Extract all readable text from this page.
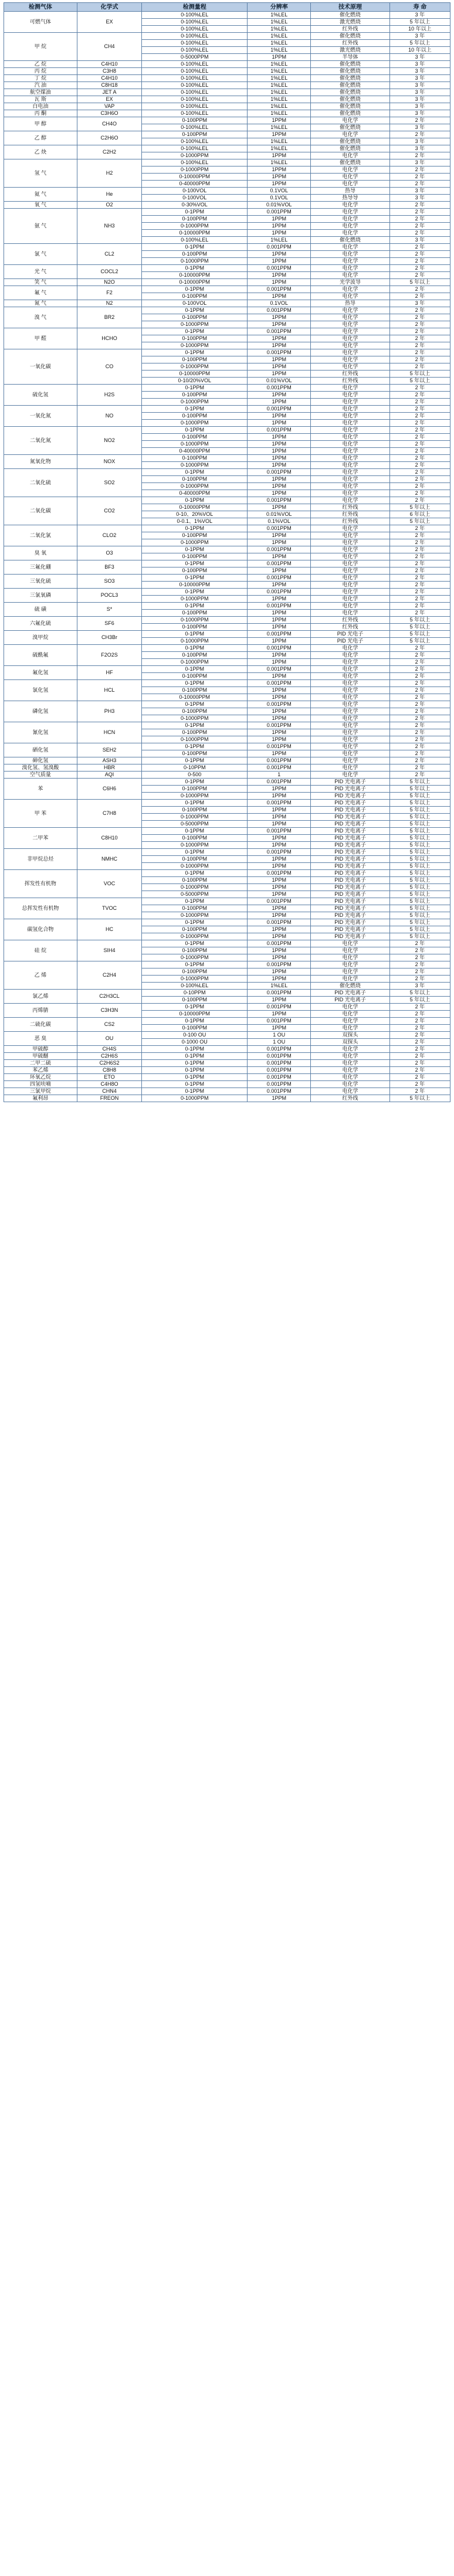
检测气体	化学式	检测量程	分辨率	技术原理	寿 命
可燃气体	EX	0-100%LEL	1%LEL	催化燃烧	3 年
		0-100%LEL	1%LEL	激光燃烧	5 年以上
		0-100%LEL	1%LEL	红外线	10 年以上
甲 烷	CH4	0-100%LEL	1%LEL	催化燃烧	3 年
		0-100%LEL	1%LEL	红外线	5 年以上
		0-100%LEL	1%LEL	激光燃烧	10 年以上
		0-5000PPM	1PPM	半导体	3 年
乙 烷	C4H10	0-100%LEL	1%LEL	催化燃烧	3 年
丙 烷	C3H8	0-100%LEL	1%LEL	催化燃烧	3 年
丁 烷	C4H10	0-100%LEL	1%LEL	催化燃烧	3 年
汽 油	C8H18	0-100%LEL	1%LEL	催化燃烧	3 年
航空煤油	JET A	0-100%LEL	1%LEL	催化燃烧	3 年
瓦 斯	EX	0-100%LEL	1%LEL	催化燃烧	3 年
白电油	VAP	0-100%LEL	1%LEL	催化燃烧	3 年
丙 酮	C3H6O	0-100%LEL	1%LEL	催化燃烧	3 年
甲 醇	CH4O	0-100PPM	1PPM	电化学	2 年
		0-100%LEL	1%LEL	催化燃烧	3 年
乙 醇	C2H6O	0-100PPM	1PPM	电化学	2 年
		0-100%LEL	1%LEL	催化燃烧	3 年
乙 炔	C2H2	0-100%LEL	1%LEL	催化燃烧	3 年
		0-1000PPM	1PPM	电化学	2 年
氢 气	H2	0-100%LEL	1%LEL	催化燃烧	3 年
		0-1000PPM	1PPM	电化学	2 年
		0-10000PPM	1PPM	电化学	2 年
		0-40000PPM	1PPM	电化学	2 年
氦 气	He	0-100VOL	0.1VOL	热导	3 年
		0-100VOL	0.1VOL	热导导	3 年
氧 气	O2	0-30%VOL	0.01%VOL	电化学	2 年
氨 气	NH3	0-1PPM	0.001PPM	电化学	2 年
		0-100PPM	1PPM	电化学	2 年
		0-1000PPM	1PPM	电化学	2 年
		0-10000PPM	1PPM	电化学	2 年
		0-100%LEL	1%LEL	催化燃烧	3 年
氯 气	CL2	0-1PPM	0.001PPM	电化学	2 年
		0-100PPM	1PPM	电化学	2 年
		0-1000PPM	1PPM	电化学	2 年
光 气	COCL2	0-1PPM	0.001PPM	电化学	2 年
		0-10000PPM	1PPM	电化学	2 年
笑 气	N2O	0-10000PPM	1PPM	光学波导	5 年以上
氟 气	F2	0-1PPM	0.001PPM	电化学	2 年
		0-100PPM	1PPM	电化学	2 年
氮 气	N2	0-100VOL	0.1VOL	热导	3 年
溴 气	BR2	0-1PPM	0.001PPM	电化学	2 年
		0-100PPM	1PPM	电化学	2 年
		0-1000PPM	1PPM	电化学	2 年
甲 醛	HCHO	0-1PPM	0.001PPM	电化学	2 年
		0-100PPM	1PPM	电化学	2 年
		0-1000PPM	1PPM	电化学	2 年
一氧化碳	CO	0-1PPM	0.001PPM	电化学	2 年
		0-100PPM	1PPM	电化学	2 年
		0-1000PPM	1PPM	电化学	2 年
		0-10000PPM	1PPM	红外线	5 年以上
		0-10/20%VOL	0.01%VOL	红外线	5 年以上
硫化氢	H2S	0-1PPM	0.001PPM	电化学	2 年
		0-100PPM	1PPM	电化学	2 年
		0-1000PPM	1PPM	电化学	2 年
一氧化氮	NO	0-1PPM	0.001PPM	电化学	2 年
		0-100PPM	1PPM	电化学	2 年
		0-1000PPM	1PPM	电化学	2 年
二氧化氮	NO2	0-1PPM	0.001PPM	电化学	2 年
		0-100PPM	1PPM	电化学	2 年
		0-1000PPM	1PPM	电化学	2 年
		0-40000PPM	1PPM	电化学	2 年
氮氧化物	NOX	0-100PPM	1PPM	电化学	2 年
		0-1000PPM	1PPM	电化学	2 年
二氧化硫	SO2	0-1PPM	0.001PPM	电化学	2 年
		0-100PPM	1PPM	电化学	2 年
		0-1000PPM	1PPM	电化学	2 年
		0-40000PPM	1PPM	电化学	2 年
二氧化碳	CO2	0-1PPM	0.001PPM	电化学	2 年
		0-10000PPM	1PPM	红外线	5 年以上
		0-10、20%VOL	0.01%VOL	红外线	6 年以上
		0-0.1、1%VOL	0.1%VOL	红外线	5 年以上
二氧化氯	CLO2	0-1PPM	0.001PPM	电化学	2 年
		0-100PPM	1PPM	电化学	2 年
		0-1000PPM	1PPM	电化学	2 年
臭 氧	O3	0-1PPM	0.001PPM	电化学	2 年
		0-100PPM	1PPM	电化学	2 年
三氟化硼	BF3	0-1PPM	0.001PPM	电化学	2 年
		0-100PPM	1PPM	电化学	2 年
三氧化硫	SO3	0-1PPM	0.001PPM	电化学	2 年
		0-10000PPM	1PPM	电化学	2 年
三氯氧磷	POCL3	0-1PPM	0.001PPM	电化学	2 年
		0-1000PPM	1PPM	电化学	2 年
硫 磺	S*	0-1PPM	0.001PPM	电化学	2 年
		0-100PPM	1PPM	电化学	2 年
六氟化硫	SF6	0-1000PPM	1PPM	红外线	5 年以上
		0-100PPM	1PPM	红外线	5 年以上
溴甲烷	CH3Br	0-1PPM	0.001PPM	PID 光电子	5 年以上
		0-1000PPM	1PPM	PID 光电子	5 年以上
硫酰氟	F2O2S	0-1PPM	0.001PPM	电化学	2 年
		0-100PPM	1PPM	电化学	2 年
		0-1000PPM	1PPM	电化学	2 年
氟化氢	HF	0-1PPM	0.001PPM	电化学	2 年
		0-100PPM	1PPM	电化学	2 年
氯化氢	HCL	0-1PPM	0.001PPM	电化学	2 年
		0-100PPM	1PPM	电化学	2 年
		0-10000PPM	1PPM	电化学	2 年
磷化氢	PH3	0-1PPM	0.001PPM	电化学	2 年
		0-100PPM	1PPM	电化学	2 年
		0-1000PPM	1PPM	电化学	2 年
氰化氢	HCN	0-1PPM	0.001PPM	电化学	2 年
		0-100PPM	1PPM	电化学	2 年
		0-1000PPM	1PPM	电化学	2 年
硒化氢	SEH2	0-1PPM	0.001PPM	电化学	2 年
		0-100PPM	1PPM	电化学	2 年
砷化氢	ASH3	0-1PPM	0.001PPM	电化学	2 年
溴化氢、氢溴酸	HBR	0-10PPM	0.001PPM	电化学	2 年
空气质量	AQI	0-500	1	电化学	2 年
苯	C6H6	0-1PPM	0.001PPM	PID 光电离子	5 年以上
		0-100PPM	1PPM	PID 光电离子	5 年以上
		0-1000PPM	1PPM	PID 光电离子	5 年以上
甲 苯	C7H8	0-1PPM	0.001PPM	PID 光电离子	5 年以上
		0-100PPM	1PPM	PID 光电离子	5 年以上
		0-1000PPM	1PPM	PID 光电离子	5 年以上
		0-5000PPM	1PPM	PID 光电离子	5 年以上
二甲苯	C8H10	0-1PPM	0.001PPM	PID 光电离子	5 年以上
		0-100PPM	1PPM	PID 光电离子	5 年以上
		0-1000PPM	1PPM	PID 光电离子	5 年以上
非甲烷总烃	NMHC	0-1PPM	0.001PPM	PID 光电离子	5 年以上
		0-100PPM	1PPM	PID 光电离子	5 年以上
		0-1000PPM	1PPM	PID 光电离子	5 年以上
挥发性有机物	VOC	0-1PPM	0.001PPM	PID 光电离子	5 年以上
		0-100PPM	1PPM	PID 光电离子	5 年以上
		0-1000PPM	1PPM	PID 光电离子	5 年以上
		0-5000PPM	1PPM	PID 光电离子	5 年以上
总挥发性有机物	TVOC	0-1PPM	0.001PPM	PID 光电离子	5 年以上
		0-100PPM	1PPM	PID 光电离子	5 年以上
		0-1000PPM	1PPM	PID 光电离子	5 年以上
碳氢化合物	HC	0-1PPM	0.001PPM	PID 光电离子	5 年以上
		0-100PPM	1PPM	PID 光电离子	5 年以上
		0-1000PPM	1PPM	PID 光电离子	5 年以上
硅 烷	SIH4	0-1PPM	0.001PPM	电化学	2 年
		0-100PPM	1PPM	电化学	2 年
		0-1000PPM	1PPM	电化学	2 年
乙 烯	C2H4	0-1PPM	0.001PPM	电化学	2 年
		0-100PPM	1PPM	电化学	2 年
		0-1000PPM	1PPM	电化学	2 年
		0-100%LEL	1%LEL	催化燃烧	3 年
氯乙烯	C2H3CL	0-10PPM	0.001PPM	PID 光电离子	5 年以上
		0-100PPM	1PPM	PID 光电离子	5 年以上
丙烯腈	C3H3N	0-1PPM	0.001PPM	电化学	2 年
		0-10000PPM	1PPM	电化学	2 年
二硫化碳	CS2	0-1PPM	0.001PPM	电化学	2 年
		0-100PPM	1PPM	电化学	2 年
恶 臭	OU	0-100 OU	1 OU	双探头	2 年
		0-1000 OU	1 OU	双探头	2 年
甲硫醇	CH4S	0-1PPM	0.001PPM	电化学	2 年
甲硫醚	C2H6S	0-1PPM	0.001PPM	电化学	2 年
二甲二硫	C2H6S2	0-1PPM	0.001PPM	电化学	2 年
苯乙烯	C8H8	0-1PPM	0.001PPM	电化学	2 年
环氧乙烷	ETO	0-1PPM	0.001PPM	电化学	2 年
四氢呋喃	C4H8O	0-1PPM	0.001PPM	电化学	2 年
三氯甲烷	CHN4	0-1PPM	0.001PPM	电化学	2 年
氟利昂	FREON	0-1000PPM	1PPM	红外线	5 年以上
